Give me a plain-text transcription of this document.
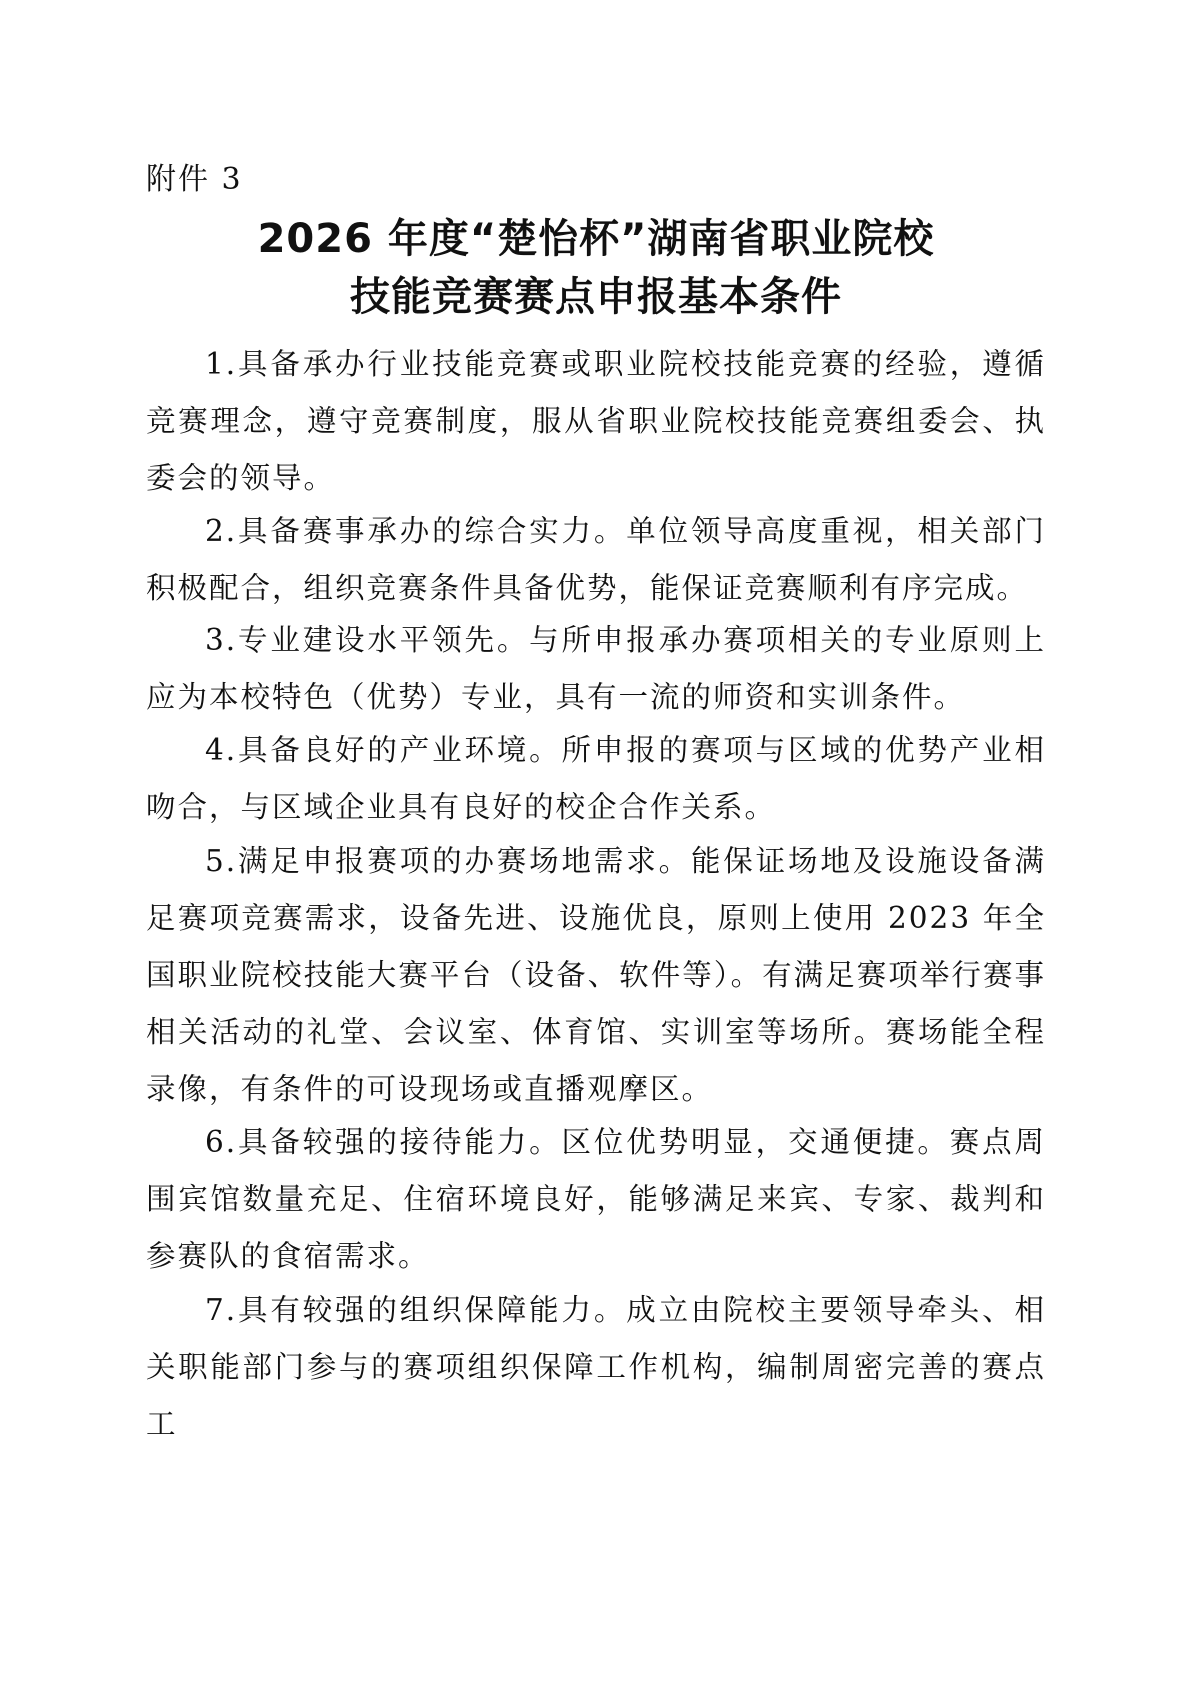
附件 3
2026 年度“楚怡杯”湖南省职业院校
技能竞赛赛点申报基本条件

1.具备承办行业技能竞赛或职业院校技能竞赛的经验，遵循竞赛理念，遵守竞赛制度，服从省职业院校技能竞赛组委会、执委会的领导。

2.具备赛事承办的综合实力。单位领导高度重视，相关部门积极配合，组织竞赛条件具备优势，能保证竞赛顺利有序完成。

3.专业建设水平领先。与所申报承办赛项相关的专业原则上应为本校特色（优势）专业，具有一流的师资和实训条件。

4.具备良好的产业环境。所申报的赛项与区域的优势产业相吻合，与区域企业具有良好的校企合作关系。

5.满足申报赛项的办赛场地需求。能保证场地及设施设备满足赛项竞赛需求，设备先进、设施优良，原则上使用 2023 年全国职业院校技能大赛平台（设备、软件等）。有满足赛项举行赛事相关活动的礼堂、会议室、体育馆、实训室等场所。赛场能全程录像，有条件的可设现场或直播观摩区。

6.具备较强的接待能力。区位优势明显，交通便捷。赛点周围宾馆数量充足、住宿环境良好，能够满足来宾、专家、裁判和参赛队的食宿需求。

7.具有较强的组织保障能力。成立由院校主要领导牵头、相关职能部门参与的赛项组织保障工作机构，编制周密完善的赛点工
